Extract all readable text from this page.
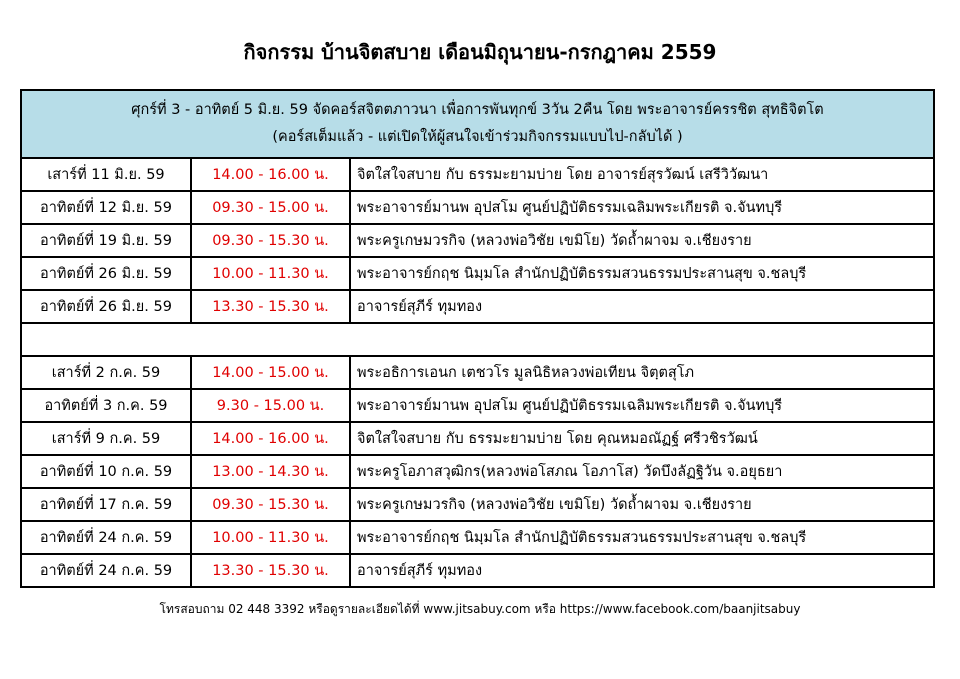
กิจกรรม บ้านจิตสบาย เดือนมิถุนายน-กรกฎาคม 2559
ศุกร์ที่ 3 - อาทิตย์ 5 มิ.ย. 59 จัดคอร์สจิตตภาวนา เพื่อการพันทุกข์ 3วัน 2คืน โดย พระอาจารย์ครรชิต สุทธิจิตโต
(คอร์สเต็มแล้ว - แต่เปิดให้ผู้สนใจเข้าร่วมกิจกรรมแบบไป-กลับได้ )		

เสาร์ที่ 11 มิ.ย. 59	14.00 - 16.00 น.	จิตใสใจสบาย กับ ธรรมะยามบ่าย โดย อาจารย์สุรวัฒน์ เสรีวิวัฒนา
อาทิตย์ที่ 12 มิ.ย. 59	09.30 - 15.00 น.	พระอาจารย์มานพ อุปสโม ศูนย์ปฏิบัติธรรมเฉลิมพระเกียรติ จ.จันทบุรี
อาทิตย์ที่ 19 มิ.ย. 59	09.30 - 15.30 น.	พระครูเกษมวรกิจ (หลวงพ่อวิชัย เขมิโย) วัดถ้ำผาจม จ.เชียงราย
อาทิตย์ที่ 26 มิ.ย. 59	10.00 - 11.30 น.	พระอาจารย์กฤช นิมฺมโล สำนักปฏิบัติธรรมสวนธรรมประสานสุข จ.ชลบุรี
อาทิตย์ที่ 26 มิ.ย. 59	13.30 - 15.30 น.	อาจารย์สุภีร์ ทุมทอง

เสาร์ที่ 2 ก.ค. 59	14.00 - 15.00 น.	พระอธิการเอนก เตชวโร มูลนิธิหลวงพ่อเทียน จิตฺตสุโภ
อาทิตย์ที่ 3 ก.ค. 59	9.30 - 15.00 น.	พระอาจารย์มานพ อุปสโม ศูนย์ปฏิบัติธรรมเฉลิมพระเกียรติ จ.จันทบุรี
เสาร์ที่ 9 ก.ค. 59	14.00 - 16.00 น.	จิตใสใจสบาย กับ ธรรมะยามบ่าย โดย คุณหมอณัฏฐ์ ศรีวชิรวัฒน์
อาทิตย์ที่ 10 ก.ค. 59	13.00 - 14.30 น.	พระครูโอภาสวุฒิกร(หลวงพ่อโสภณ โอภาโส) วัดบึงลัฏฐิวัน จ.อยุธยา
อาทิตย์ที่ 17 ก.ค. 59	09.30 - 15.30 น.	พระครูเกษมวรกิจ (หลวงพ่อวิชัย เขมิโย) วัดถ้ำผาจม จ.เชียงราย
อาทิตย์ที่ 24 ก.ค. 59	10.00 - 11.30 น.	พระอาจารย์กฤช นิมฺมโล สำนักปฏิบัติธรรมสวนธรรมประสานสุข จ.ชลบุรี
อาทิตย์ที่ 24 ก.ค. 59	13.30 - 15.30 น.	อาจารย์สุภีร์ ทุมทอง
โทรสอบถาม 02 448 3392 หรือดูรายละเอียดได้ที่ www.jitsabuy.com หรือ https://www.facebook.com/baanjitsabuy
